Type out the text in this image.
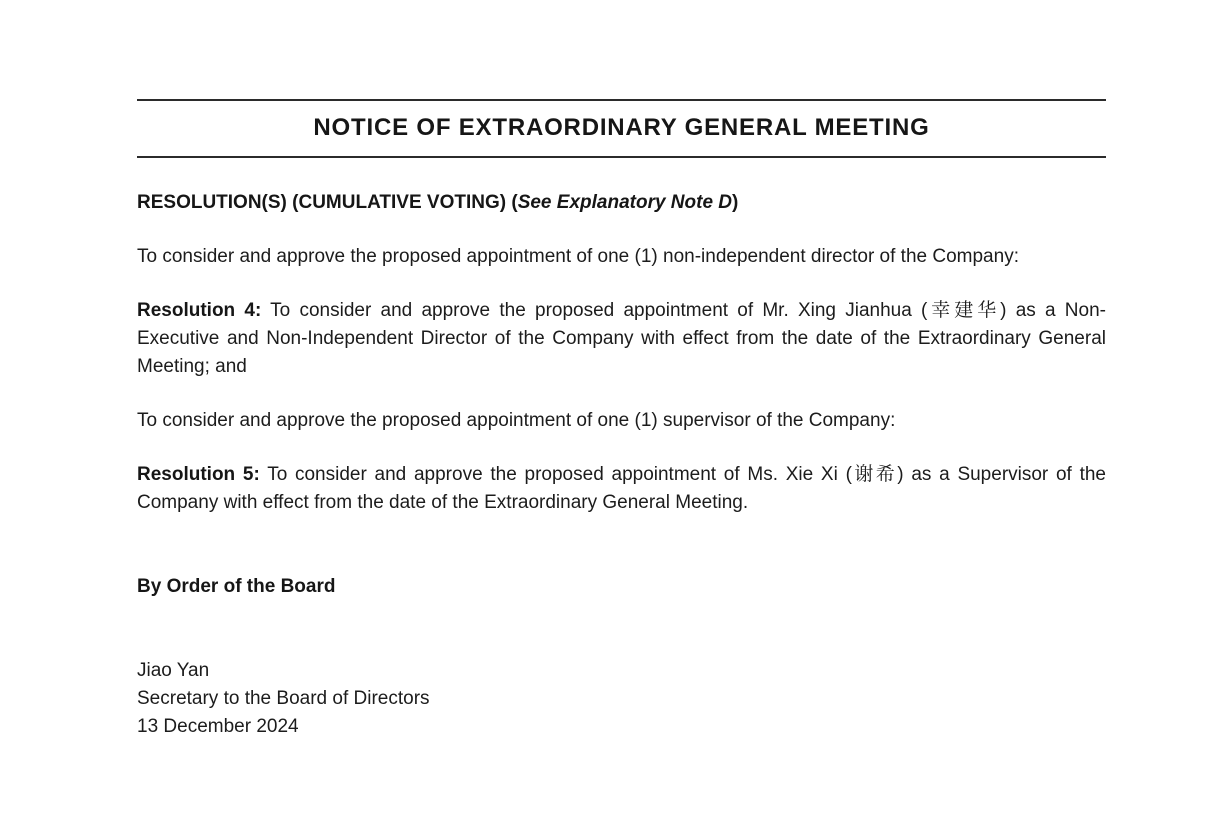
NOTICE OF EXTRAORDINARY GENERAL MEETING
RESOLUTION(S) (CUMULATIVE VOTING) (See Explanatory Note D)

To consider and approve the proposed appointment of one (1) non-independent director of the Company:

Resolution 4: To consider and approve the proposed appointment of Mr. Xing Jianhua (幸建华) as a Non-Executive and Non-Independent Director of the Company with effect from the date of the Extraordinary General Meeting; and

To consider and approve the proposed appointment of one (1) supervisor of the Company:

Resolution 5: To consider and approve the proposed appointment of Ms. Xie Xi (谢希) as a Supervisor of the Company with effect from the date of the Extraordinary General Meeting.

By Order of the Board

Jiao Yan
Secretary to the Board of Directors
13 December 2024
